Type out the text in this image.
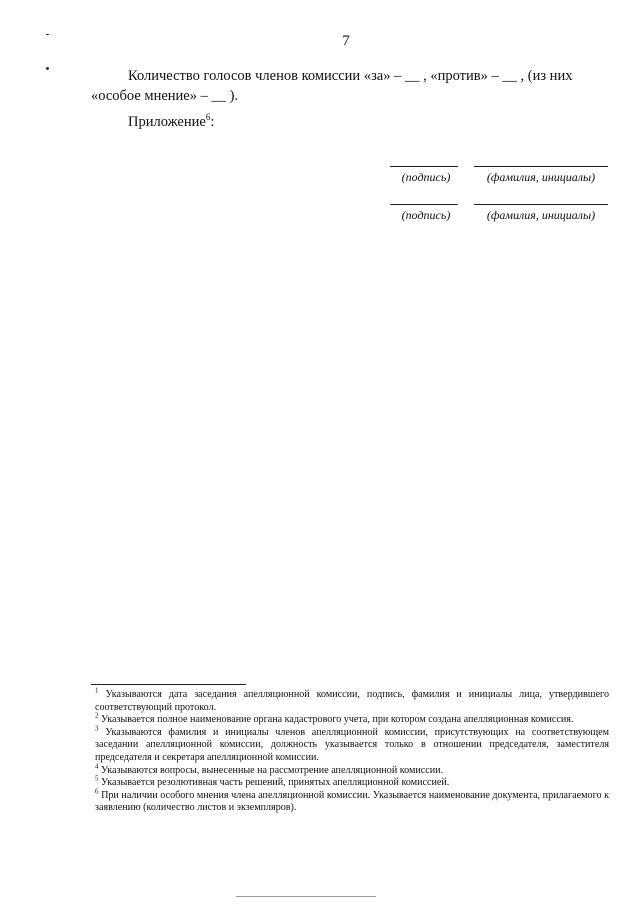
7
Количество голосов членов комиссии «за» – __ , «против» – __ , (из них
«особое мнение» – __ ).
Приложение$^6$:
(подпись)	(фамилия, инициалы)
(подпись)	(фамилия, инициалы)

$^1$ Указываются дата заседания апелляционной комиссии, подпись, фамилия и инициалы лица, утвердившего соответствующий протокол.

$^2$ Указывается полное наименование органа кадастрового учета, при котором создана апелляционная комиссия.

$^3$ Указываются фамилия и инициалы членов апелляционной комиссии, присутствующих на соответствующем заседании апелляционной комиссии, должность указывается только в отношении председателя, заместителя председателя и секретаря апелляционной комиссии.

$^4$ Указываются вопросы, вынесенные на рассмотрение апелляционной комиссии.

$^5$ Указывается резолютивная часть решений, принятых апелляционной комиссией.

$^6$ При наличии особого мнения члена апелляционной комиссии. Указывается наименование документа, прилагаемого к заявлению (количество листов и экземпляров).
